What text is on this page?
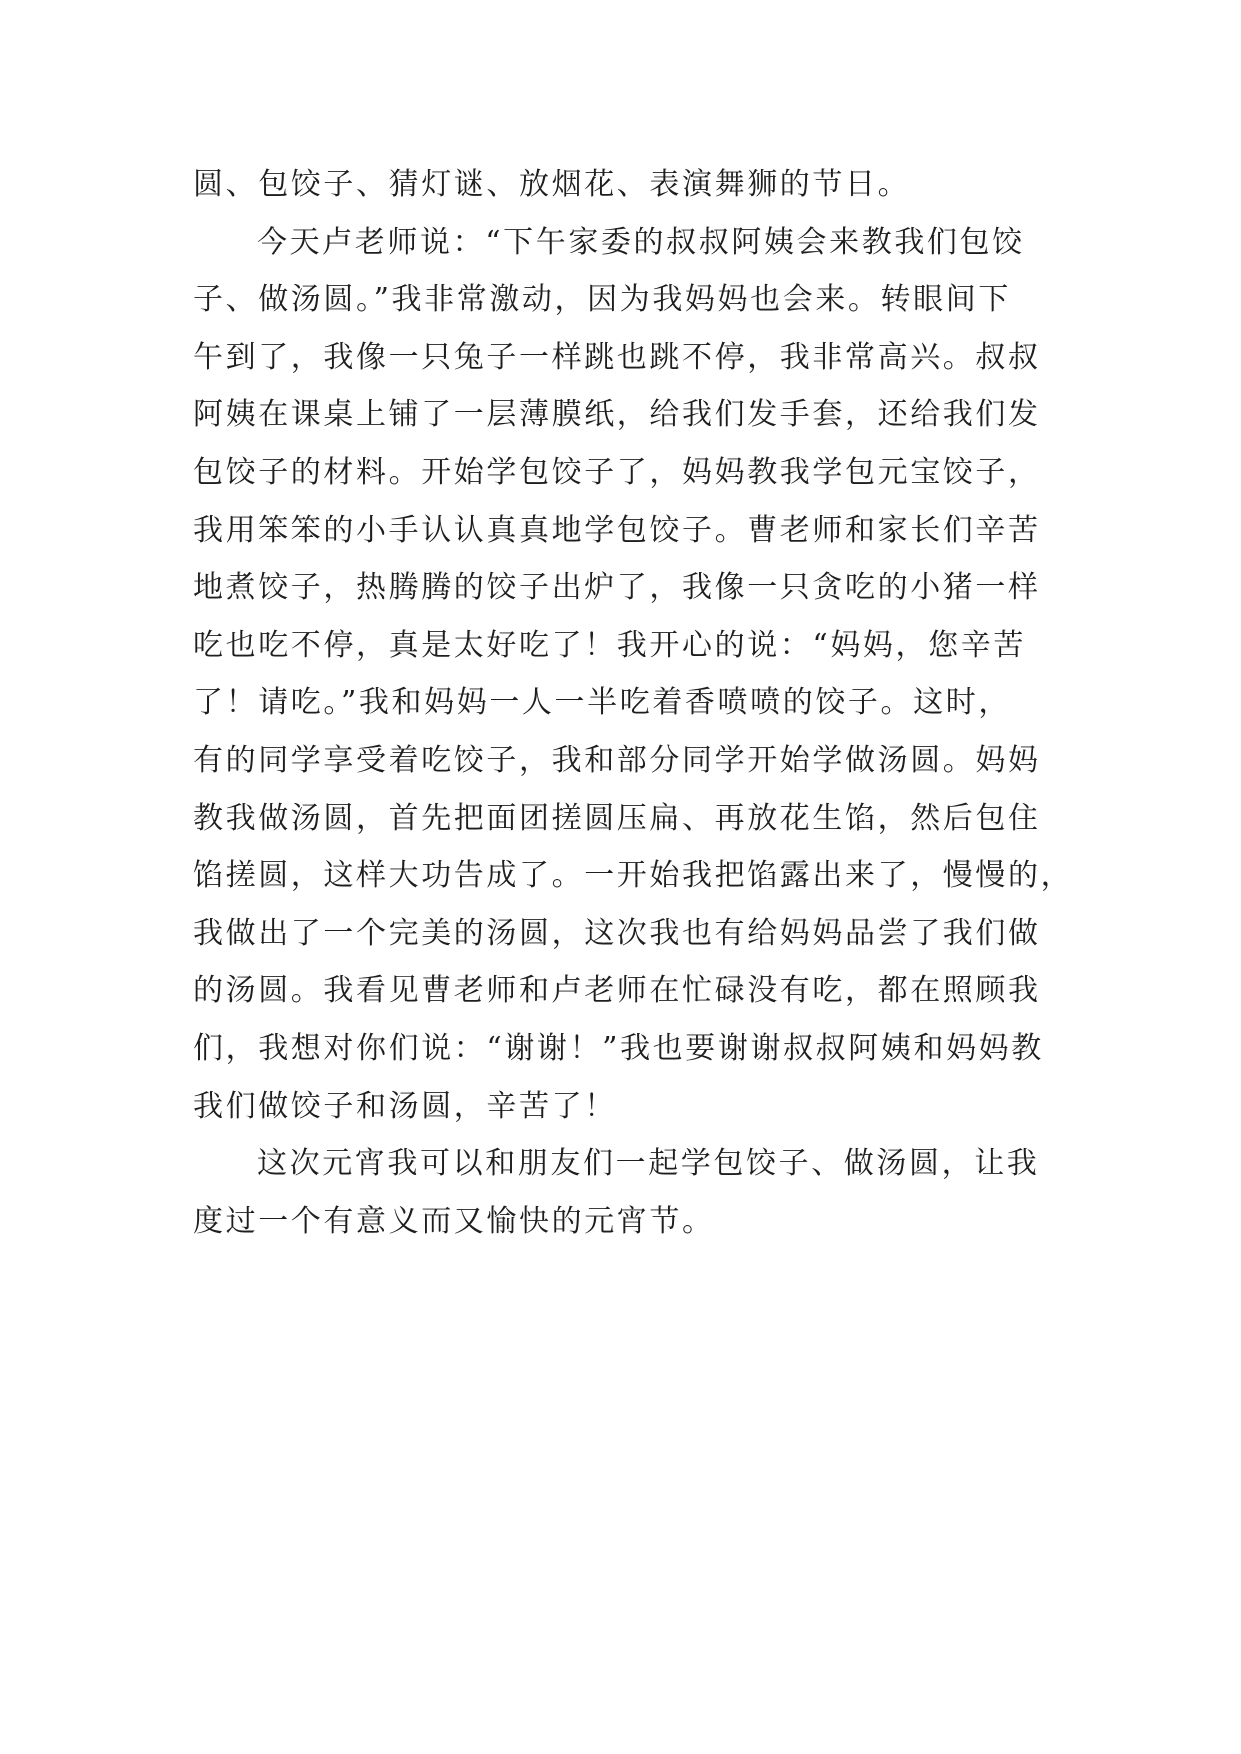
圆、包饺子、猜灯谜、放烟花、表演舞狮的节日。
今天卢老师说：“下午家委的叔叔阿姨会来教我们包饺
子、做汤圆。”我非常激动，因为我妈妈也会来。转眼间下
午到了，我像一只兔子一样跳也跳不停，我非常高兴。叔叔
阿姨在课桌上铺了一层薄膜纸，给我们发手套，还给我们发
包饺子的材料。开始学包饺子了，妈妈教我学包元宝饺子，
我用笨笨的小手认认真真地学包饺子。曹老师和家长们辛苦
地煮饺子，热腾腾的饺子出炉了，我像一只贪吃的小猪一样
吃也吃不停，真是太好吃了！我开心的说：“妈妈，您辛苦
了！请吃。”我和妈妈一人一半吃着香喷喷的饺子。这时，
有的同学享受着吃饺子，我和部分同学开始学做汤圆。妈妈
教我做汤圆，首先把面团搓圆压扁、再放花生馅，然后包住
馅搓圆，这样大功告成了。一开始我把馅露出来了，慢慢的，
我做出了一个完美的汤圆，这次我也有给妈妈品尝了我们做
的汤圆。我看见曹老师和卢老师在忙碌没有吃，都在照顾我
们，我想对你们说：“谢谢！”我也要谢谢叔叔阿姨和妈妈教
我们做饺子和汤圆，辛苦了！
这次元宵我可以和朋友们一起学包饺子、做汤圆，让我
度过一个有意义而又愉快的元宵节。
